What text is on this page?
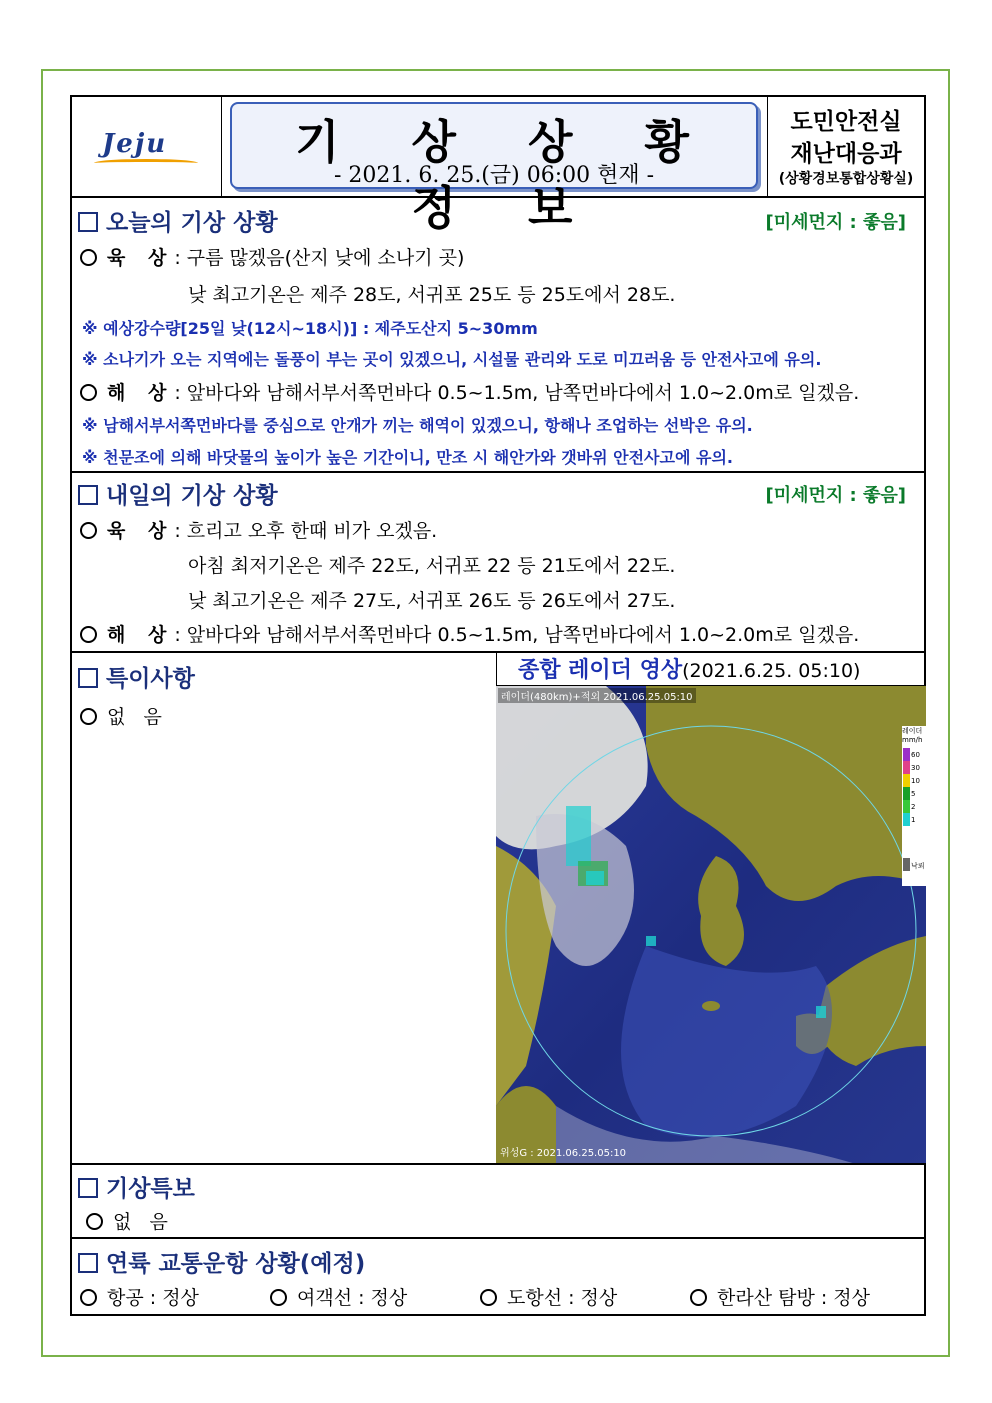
Jeju	기 상 상 황 정 보
- 2021. 6. 25.(금) 06:00 현재 -
도민안전실
재난대응과
(상황경보통합상황실)
오늘의 기상 상황	[미세먼지 : 좋음]
육 상: 구름 많겠음(산지 낮에 소나기 곳)
낮 최고기온은 제주 28도, 서귀포 25도 등 25도에서 28도.
※ 예상강수량[25일 낮(12시~18시)] : 제주도산지 5~30mm
※ 소나기가 오는 지역에는 돌풍이 부는 곳이 있겠으니, 시설물 관리와 도로 미끄러움 등 안전사고에 유의.
해 상: 앞바다와 남해서부서쪽먼바다 0.5~1.5m, 남쪽먼바다에서 1.0~2.0m로 일겠음.
※ 남해서부서쪽먼바다를 중심으로 안개가 끼는 해역이 있겠으니, 항해나 조업하는 선박은 유의.
※ 천문조에 의해 바닷물의 높이가 높은 기간이니, 만조 시 해안가와 갯바위 안전사고에 유의.
내일의 기상 상황	[미세먼지 : 좋음]
육 상: 흐리고 오후 한때 비가 오겠음.
아침 최저기온은 제주 22도, 서귀포 22 등 21도에서 22도.
낮 최고기온은 제주 27도, 서귀포 26도 등 26도에서 27도.
해 상: 앞바다와 남해서부서쪽먼바다 0.5~1.5m, 남쪽먼바다에서 1.0~2.0m로 일겠음.
특이사항
없   음
종합 레이더 영상(2021.6.25. 05:10)
레이더(480km)+적외 2021.06.25.05:10
레이더
mm/h
60
30
10
5
2
1
낙뢰
위성G : 2021.06.25.05:10
기상특보
없   음
연륙 교통운항 상황(예정)
항공 : 정상	여객선 : 정상	도항선 : 정상	한라산 탐방 : 정상
